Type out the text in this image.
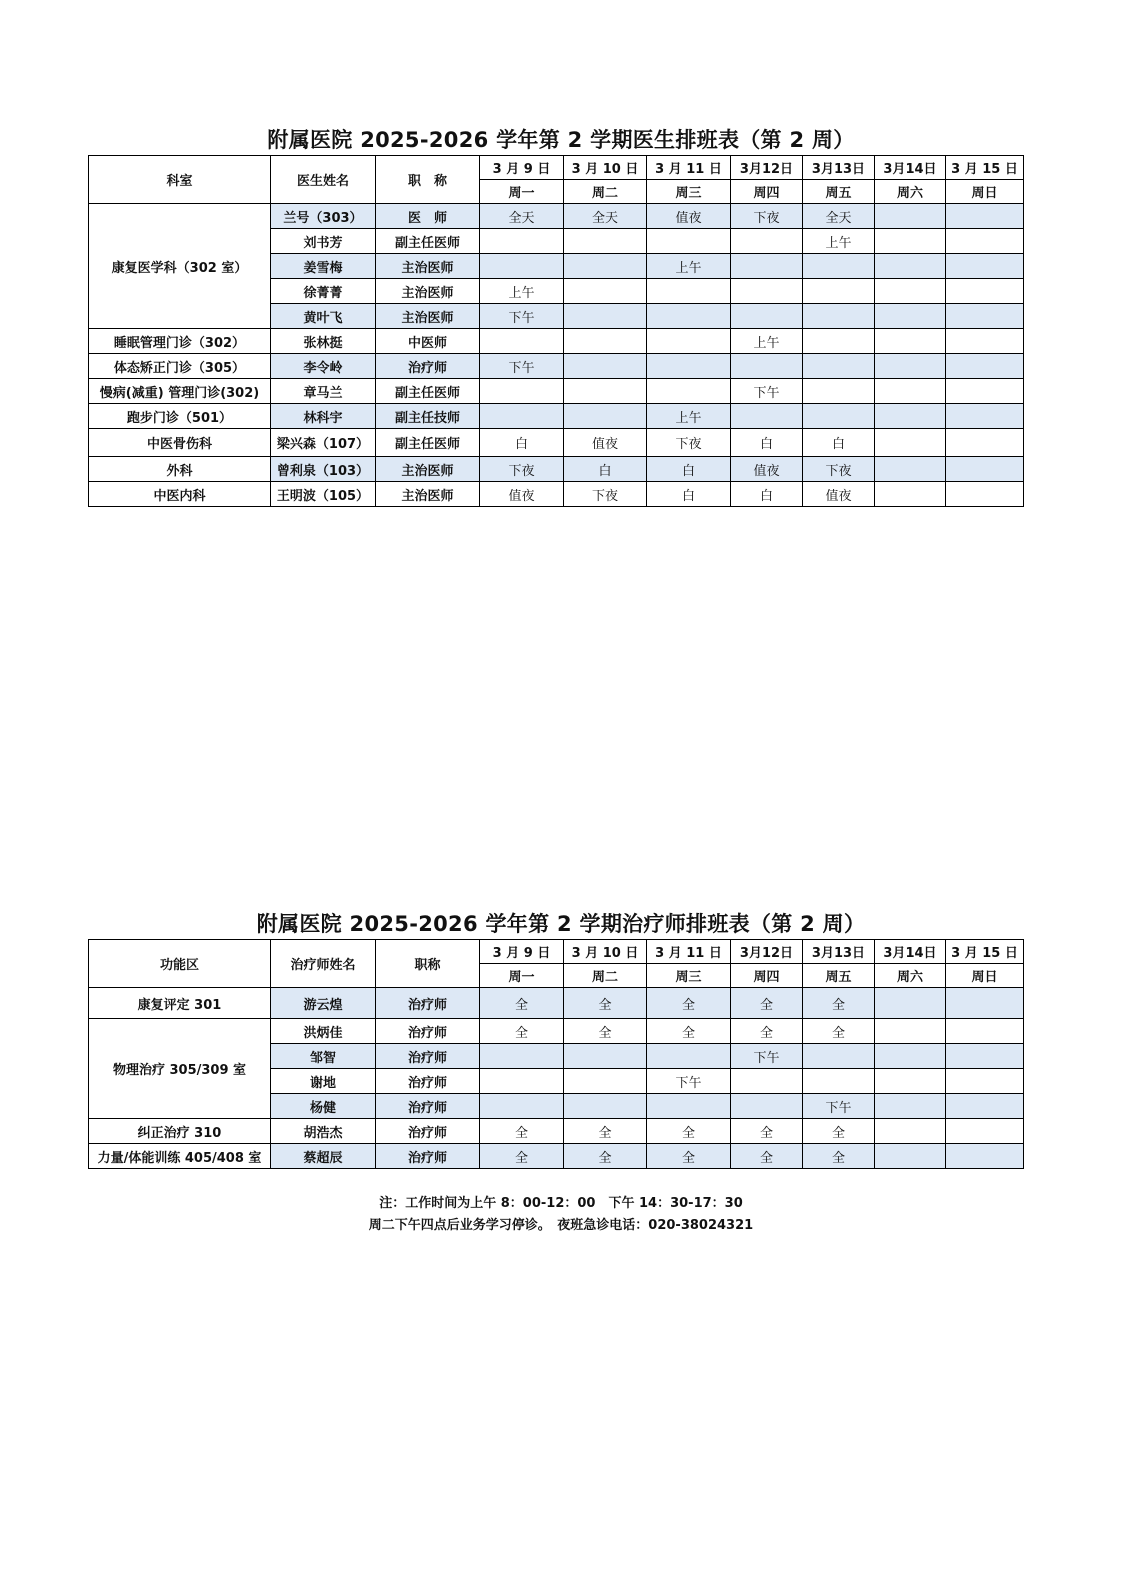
附属医院 2025-2026 学年第 2 学期医生排班表（第 2 周）
科室	医生姓名	职　称	3 月 9 日	3 月 10 日	3 月 11 日	3月12日	3月13日	3月14日	3 月 15 日
			周一	周二	周三	周四	周五	周六	周日
康复医学科（302 室）	兰号（303）	医　师	全天	全天	值夜	下夜	全天		
	刘书芳	副主任医师					上午		
	姜雪梅	主治医师			上午				
	徐菁菁	主治医师	上午						
	黄叶飞	主治医师	下午						
睡眠管理门诊（302）	张林挺	中医师				上午			
体态矫正门诊（305）	李令岭	治疗师	下午						
慢病(减重) 管理门诊(302)	章马兰	副主任医师				下午			
跑步门诊（501）	林科宇	副主任技师			上午				
中医骨伤科	梁兴森（107）	副主任医师	白	值夜	下夜	白	白		
外科	曾利泉（103）	主治医师	下夜	白	白	值夜	下夜		
中医内科	王明波（105）	主治医师	值夜	下夜	白	白	值夜		
附属医院 2025-2026 学年第 2 学期治疗师排班表（第 2 周）
功能区	治疗师姓名	职称	3 月 9 日	3 月 10 日	3 月 11 日	3月12日	3月13日	3月14日	3 月 15 日
			周一	周二	周三	周四	周五	周六	周日
康复评定 301	游云煌	治疗师	全	全	全	全	全		
物理治疗 305/309 室	洪炳佳	治疗师	全	全	全	全	全		
	邹智	治疗师				下午			
	谢地	治疗师			下午				
	杨健	治疗师					下午		
纠正治疗 310	胡浩杰	治疗师	全	全	全	全	全		
力量/体能训练 405/408 室	蔡超辰	治疗师	全	全	全	全	全		
注：工作时间为上午 8：00-12：00　下午 14：30-17：30
周二下午四点后业务学习停诊。　夜班急诊电话：020-38024321
